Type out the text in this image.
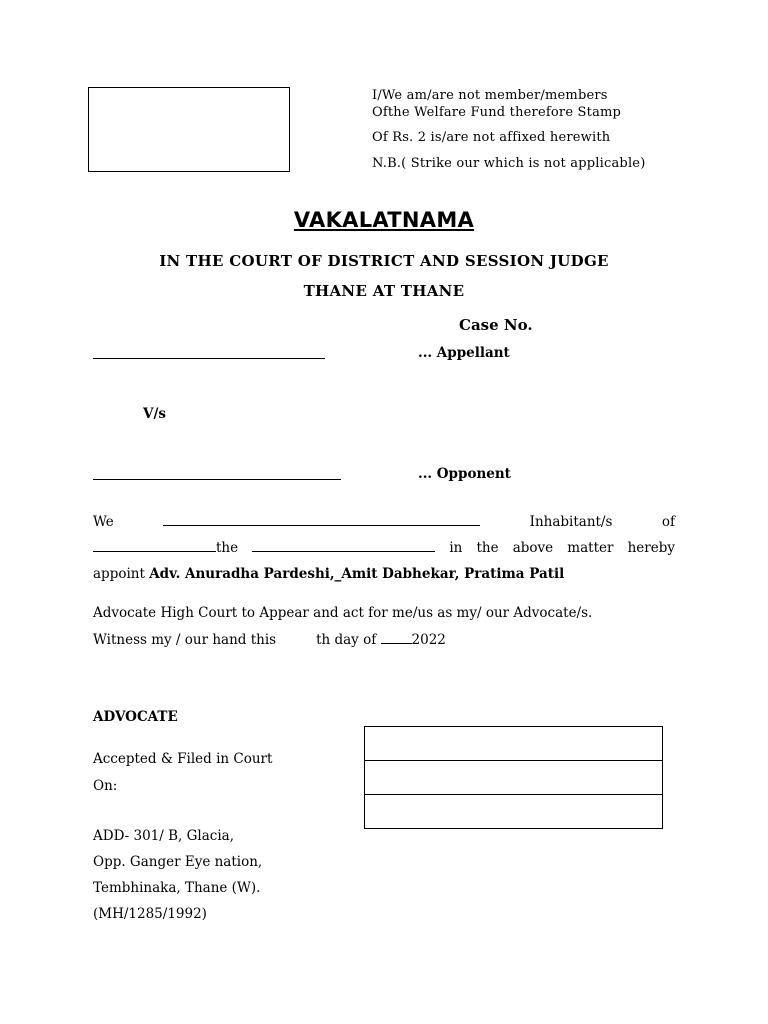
I/We am/are not member/members
Ofthe Welfare Fund therefore Stamp
Of Rs. 2 is/are not affixed herewith
N.B.( Strike our which is not applicable)
VAKALATNAMA
IN THE COURT OF DISTRICT AND SESSION JUDGE
THANE AT THANE
Case No.
... Appellant
V/s
... Opponent
We	Inhabitant/s	of
the	in the above matter hereby
appoint Adv. Anuradha Pardeshi,_Amit Dabhekar, Pratima Patil
Advocate High Court to Appear and act for me/us as my/ our Advocate/s.
Witness my / our hand this	th day of	2022
ADVOCATE
Accepted & Filed in Court
On:
ADD- 301/ B, Glacia,
Opp. Ganger Eye nation,
Tembhinaka, Thane (W).
(MH/1285/1992)
